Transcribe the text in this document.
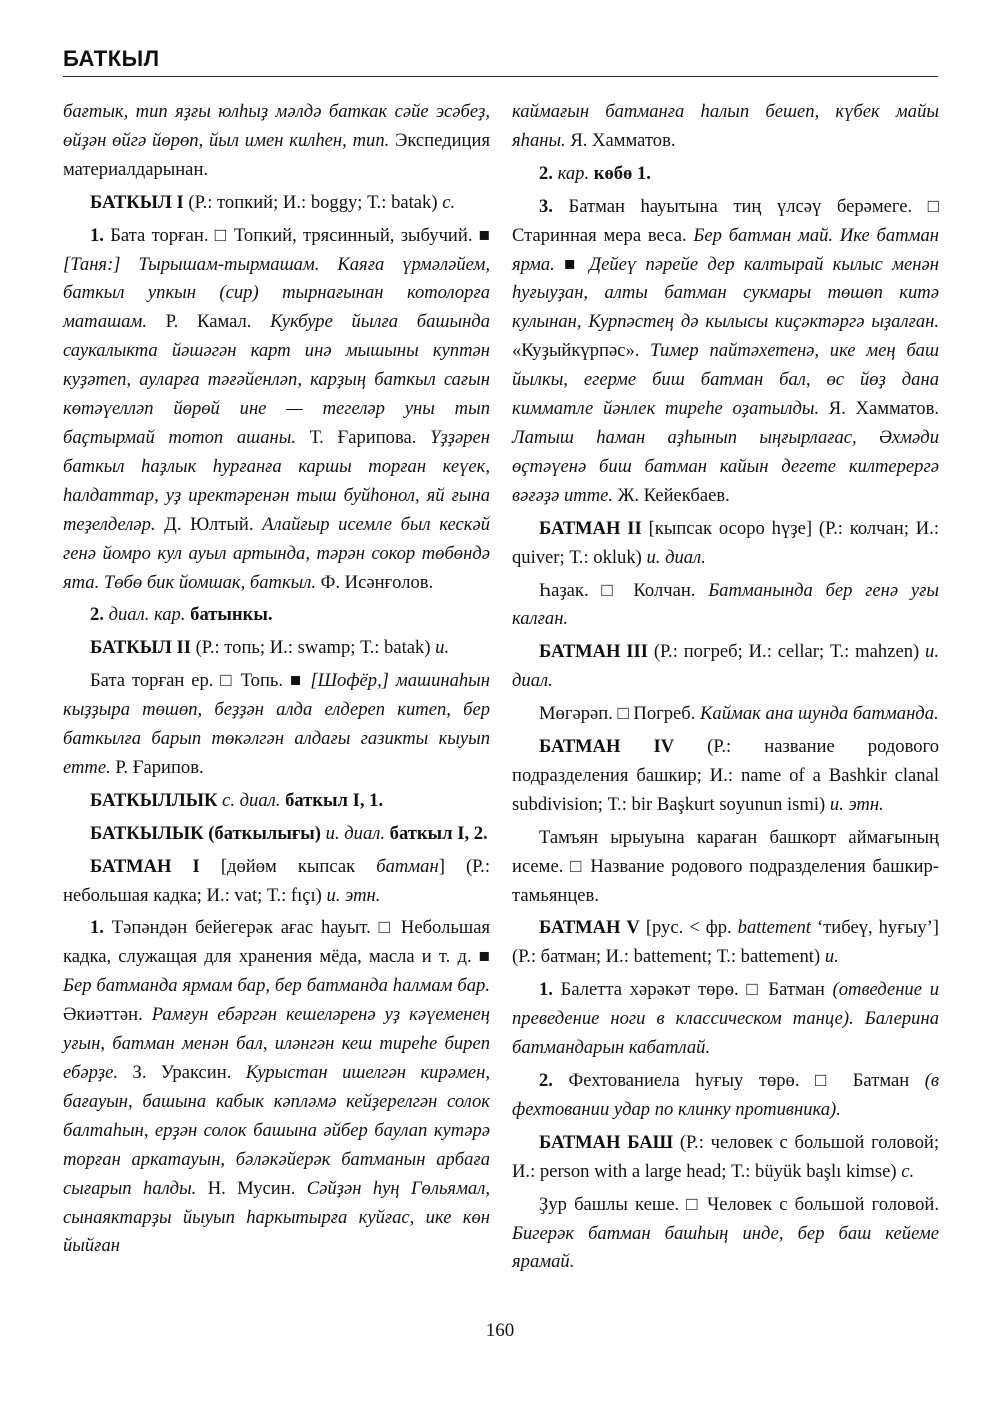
БАТКЫЛ

бағтык, тип яҙғы юлһыҙ мәлдә баткак сәйе эсәбеҙ, өйҙән өйгә йөрөп, йыл имен килһен, тип. Экспедиция материалдарынан.

БАТКЫЛ I (Р.: топкий; И.: boggy; Т.: batak) с.

1. Бата торған. □ Топкий, трясинный, зыбучий. ■ [Таня:] Тырышам-тырмашам. Каяға үрмәләйем, баткыл упкын (сир) тырнағынан котолорға маташам. Р. Камал. Кукбуре йылға башында саукалыкта йәшәгән карт инә мышыны куптән куҙәтеп, ауларға тәғәйенләп, карҙың баткыл сағын көтәүелләп йөрөй ине — тегеләр уны тып баҫтырмай тотоп ашаны. Т. Ғарипова. Үҙҙәрен баткыл һаҙлык һурғанға каршы торған кеүек, һалдаттар, уҙ иректәренән тыш буйһонол, яй ғына теҙелделәр. Д. Юлтый. Алайғыр исемле был кескәй генә йомро кул ауыл артында, тәрән сокор төбөндә ята. Төбө бик йомшак, баткыл. Ф. Исәнғолов.

2. диал. кар. батынкы.

БАТКЫЛ II (Р.: топь; И.: swamp; Т.: batak) и.

Бата торған ер. □ Топь. ■ [Шофёр,] машинаһын кыҙҙыра төшөп, беҙҙән алда елдереп китеп, бер баткылға барып төкәлгән алдағы газикты кыуып етте. Р. Ғарипов.

БАТКЫЛЛЫК с. диал. баткыл I, 1.

БАТКЫЛЫК (баткылығы) и. диал. баткыл I, 2.

БАТМАН I [дөйөм кыпсак батман] (Р.: небольшая кадка; И.: vat; Т.: fıçı) и. этн.

1. Тәпәндән бейегерәк ағас һауыт. □ Небольшая кадка, служащая для хранения мёда, масла и т. д. ■ Бер батманда ярмам бар, бер батманда һалмам бар. Әкиәттән. Рамғун ебәргән кешеләренә уҙ кәүеменең уғын, батман менән бал, иләнгән кеш тиреһе биреп ебәрҙе. З. Ураксин. Курыстан ишелгән кирәмен, бағауын, башына кабык кәпләмә кейҙерелгән солок балтаһын, ерҙән солок башына әйбер баулап кутәрә торған аркатауын, бәләкәйерәк батманын арбаға сығарып һалды. Н. Мусин. Сәйҙән һуң Гөльямал, сынаяктарҙы йыуып һаркытырға куйғас, ике көн йыйған

каймағын батманға һалып бешеп, күбек майы яһаны. Я. Хамматов.

2. кар. көбө 1.

3. Батман һауытына тиң үлсәү берәмеге. □ Старинная мера веса. Бер батман май. Ике батман ярма. ■ Дейеү пәрейе дер калтырай кылыс менән һуғыуҙан, алты батман сукмары төшөп китә кулынан, Курпәстең дә кылысы киҫәктәргә ыҙалған. «Куҙыйкүрпәс». Тимер пайтәхетенә, ике мең баш йылкы, егерме биш батман бал, өс йөҙ дана кимматле йәнлек тиреһе оҙатылды. Я. Хамматов. Латыш һаман аҙһынып ыңғырлағас, Әхмәди өҫтәүенә биш батман кайын дегете килтерергә вәғәҙә итте. Ж. Кейекбаев.

БАТМАН II [кыпсак осоро һүҙе] (Р.: колчан; И.: quiver; Т.: okluk) и. диал.

Һаҙак. □ Колчан. Батманында бер генә уғы калған.

БАТМАН III (Р.: погреб; И.: cellar; Т.: mahzen) и. диал.

Мөгәрәп. □ Погреб. Каймак ана шунда батманда.

БАТМАН IV (Р.: название родового подразделения башкир; И.: name of a Bashkir clanal subdivision; Т.: bir Başkurt soyunun ismi) и. этн.

Тамъян ырыуына караған башкорт аймағының исеме. □ Название родового подразделения башкир-тамьянцев.

БАТМАН V [рус. < фр. battement ‘тибеү, һуғыу’] (Р.: батман; И.: battement; Т.: battement) и.

1. Балетта хәрәкәт төрө. □ Батман (отведение и преведение ноги в классическом танце). Балерина батмандарын кабатлай.

2. Фехтованиела һуғыу төрө. □ Батман (в фехтовании удар по клинку противника).

БАТМАН БАШ (Р.: человек с большой головой; И.: person with a large head; Т.: büyük başlı kimse) с.

Ҙур башлы кеше. □ Человек с большой головой. Бигерәк батман башһың инде, бер баш кейеме ярамай.

160
